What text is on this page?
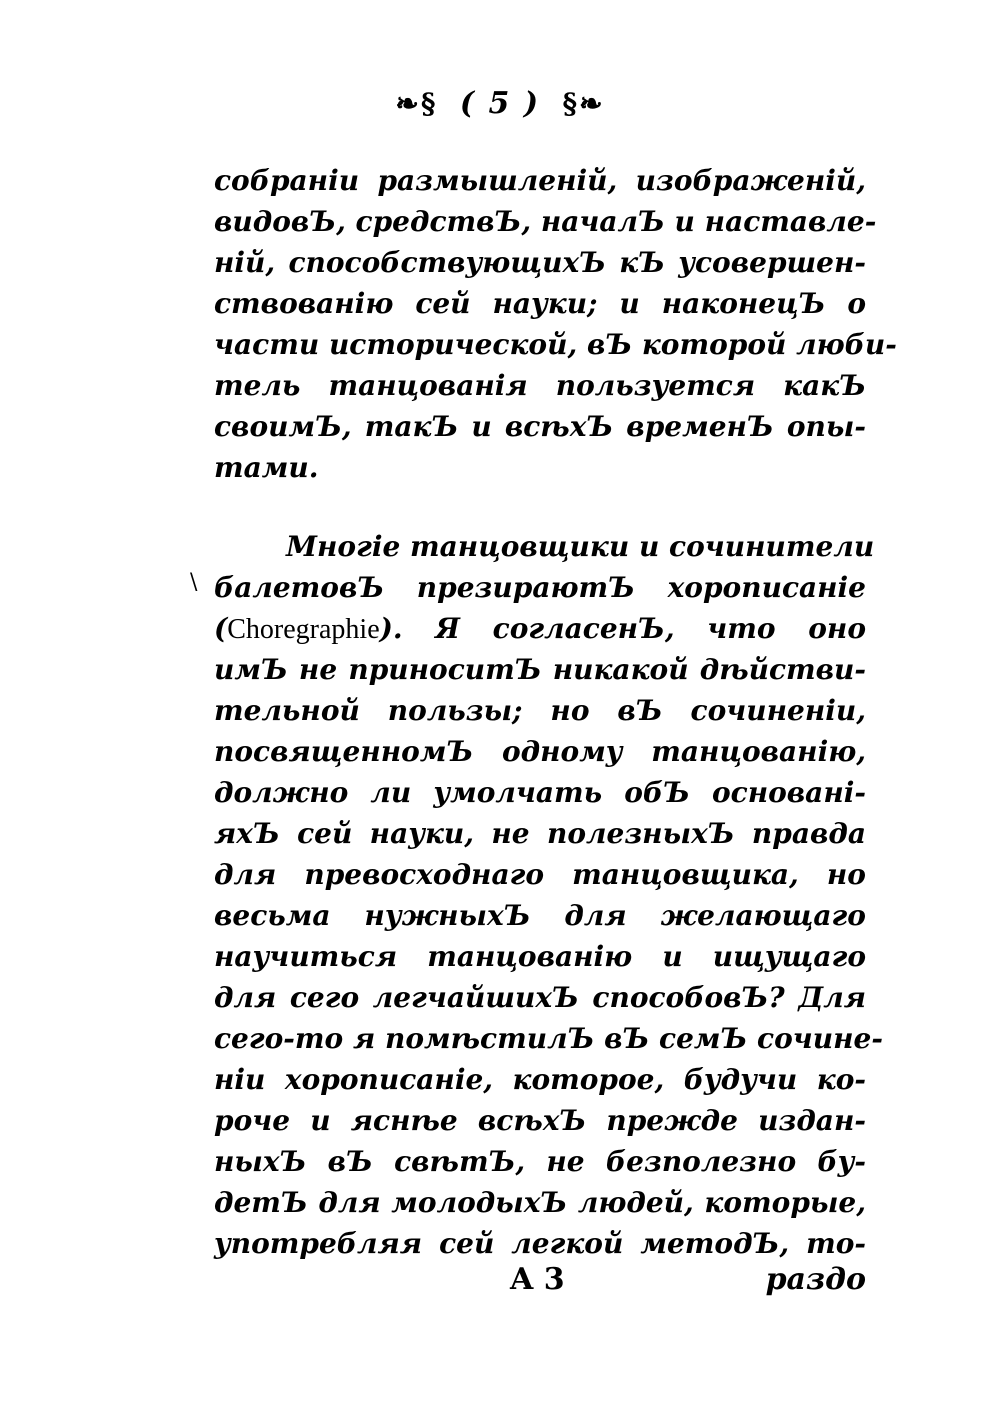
❧§ ( 5 ) §❧
собранiи размышленiй, изображенiй,
видовЪ, средствЪ, началЪ и наставле-
нiй, способствующихЪ кЪ усовершен-
ствованiю сей науки; и наконецЪ о
части исторической, вЪ которой люби-
тель танцованiя пользуется какЪ
своимЪ, такЪ и всѣхЪ временЪ опы-
тами.
\
Многiе танцовщики и сочинители
балетовЪ презираютЪ хорописанiе
(Choregraphie). Я согласенЪ, что оно
имЪ не приноситЪ никакой дѣйстви-
тельной пользы; но вЪ сочиненiи,
посвященномЪ одному танцованiю,
должно ли умолчать обЪ основанi-
яхЪ сей науки, не полезныхЪ правда
для превосходнаго танцовщика, но
весьма нужныхЪ для желающаго
научиться танцованiю и ищущаго
для сего легчайшихЪ способовЪ? Для
сего-то я помѣстилЪ вЪ семЪ сочине-
нiи хорописанiе, которое, будучи ко-
роче и яснѣе всѣхЪ прежде издан-
ныхЪ вЪ свѣтЪ, не безполезно бу-
детЪ для молодыхЪ людей, которые,
употребляя сей легкой методЪ, то-
A 3	раздо
